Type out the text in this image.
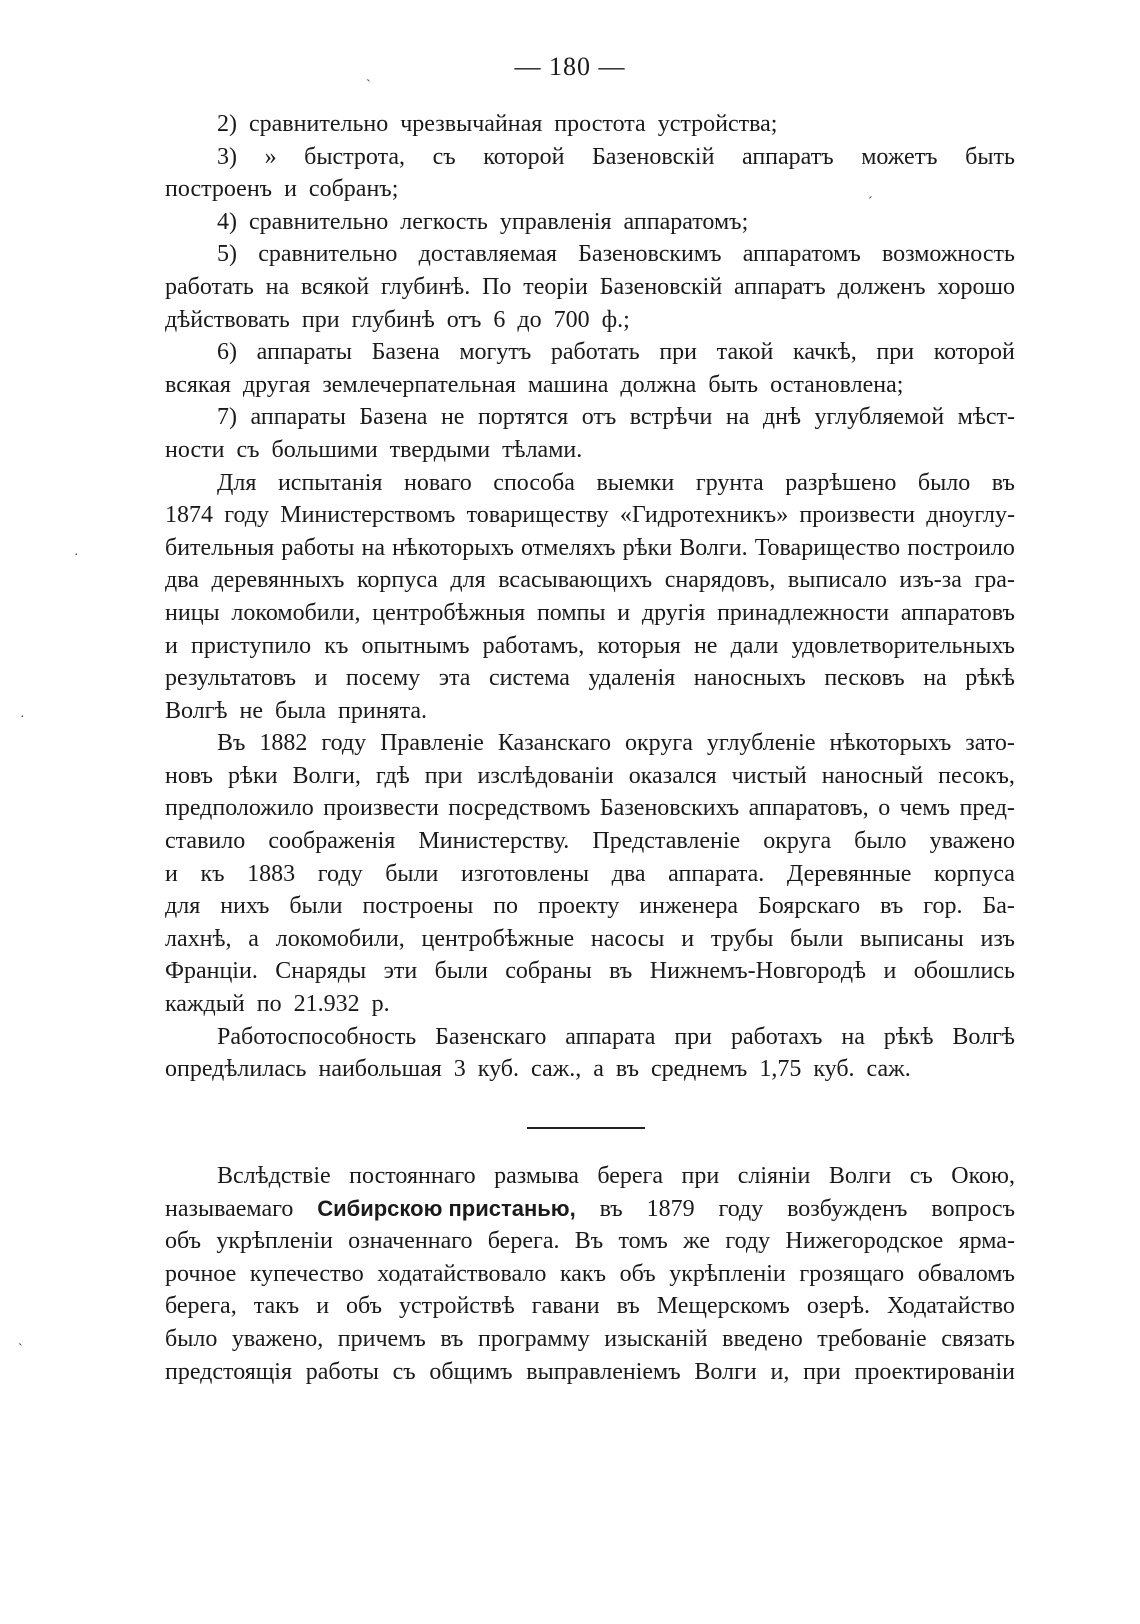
— 180 —
2) сравнительно чрезвычайная простота устройства;
3) » быстрота, съ которой Базеновскій аппаратъ можетъ быть
построенъ и собранъ;
4) сравнительно легкость управленія аппаратомъ;
5) сравнительно доставляемая Базеновскимъ аппаратомъ возможность
работать на всякой глубинѣ. По теоріи Базеновскій аппаратъ долженъ хорошо
дѣйствовать при глубинѣ отъ 6 до 700 ф.;
6) аппараты Базена могутъ работать при такой качкѣ, при которой
всякая другая землечерпательная машина должна быть остановлена;
7) аппараты Базена не портятся отъ встрѣчи на днѣ углубляемой мѣст-
ности съ большими твердыми тѣлами.
Для испытанія новаго способа выемки грунта разрѣшено было въ
1874 году Министерствомъ товариществу «Гидротехникъ» произвести дноуглу-
бительныя работы на нѣкоторыхъ отмеляхъ рѣки Волги. Товарищество построило
два деревянныхъ корпуса для всасывающихъ снарядовъ, выписало изъ-за гра-
ницы локомобили, центробѣжныя помпы и другія принадлежности аппаратовъ
и приступило къ опытнымъ работамъ, которыя не дали удовлетворительныхъ
результатовъ и посему эта система удаленія наносныхъ песковъ на рѣкѣ
Волгѣ не была принята.
Въ 1882 году Правленіе Казанскаго округа углубленіе нѣкоторыхъ зато-
новъ рѣки Волги, гдѣ при изслѣдованіи оказался чистый наносный песокъ,
предположило произвести посредствомъ Базеновскихъ аппаратовъ, о чемъ пред-
ставило соображенія Министерству. Представленіе округа было уважено
и къ 1883 году были изготовлены два аппарата. Деревянные корпуса
для нихъ были построены по проекту инженера Боярскаго въ гор. Ба-
лахнѣ, а локомобили, центробѣжные насосы и трубы были выписаны изъ
Франціи. Снаряды эти были собраны въ Нижнемъ-Новгородѣ и обошлись
каждый по 21.932 р.
Работоспособность Базенскаго аппарата при работахъ на рѣкѣ Волгѣ
опредѣлилась наибольшая 3 куб. саж., а въ среднемъ 1,75 куб. саж.
Вслѣдствіе постояннаго размыва берега при сліяніи Волги съ Окою,
называемаго Сибирскою пристанью, въ 1879 году возбужденъ вопросъ
объ укрѣпленіи означеннаго берега. Въ томъ же году Нижегородское ярма-
рочное купечество ходатайствовало какъ объ укрѣпленіи грозящаго обваломъ
берега, такъ и объ устройствѣ гавани въ Мещерскомъ озерѣ. Ходатайство
было уважено, причемъ въ программу изысканій введено требованіе связать
предстоящія работы съ общимъ выправленіемъ Волги и, при проектированіи
ˋ
ˊ
·
·
ˋ
